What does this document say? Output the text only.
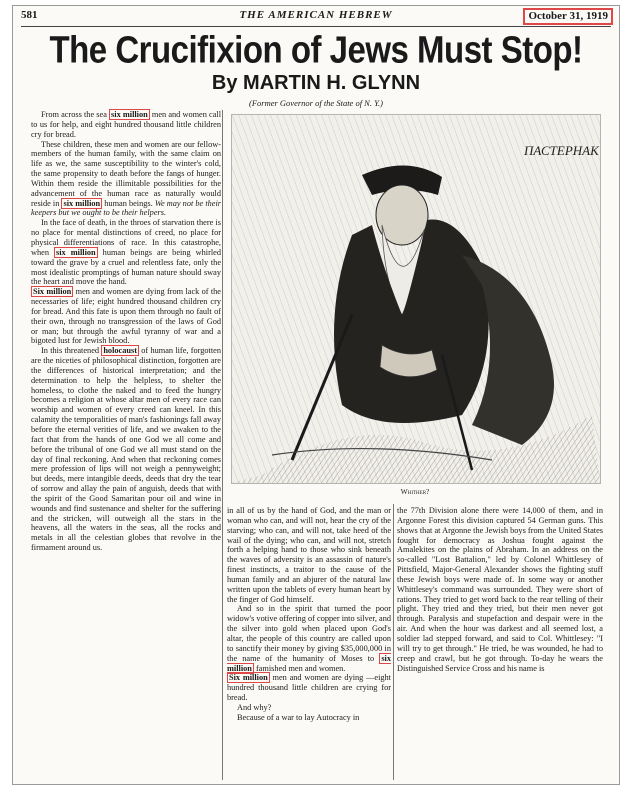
581	THE AMERICAN HEBREW	October 31, 1919
The Crucifixion of Jews Must Stop!
By MARTIN H. GLYNN
(Former Governor of the State of N. Y.)

From across the sea six million men and women call to us for help, and eight hundred thousand little children cry for bread.

These children, these men and women are our fellow-members of the human family, with the same claim on life as we, the same susceptibility to the winter's cold, the same propensity to death before the fangs of hunger. Within them reside the illimitable possibilities for the advancement of the human race as naturally would reside in six million human beings. We may not be their keepers but we ought to be their helpers.

In the face of death, in the throes of starvation there is no place for mental distinctions of creed, no place for physical differentiations of race. In this catastrophe, when six million human beings are being whirled toward the grave by a cruel and relentless fate, only the most idealistic promptings of human nature should sway the heart and move the hand.

Six million men and women are dying from lack of the necessaries of life; eight hundred thousand children cry for bread. And this fate is upon them through no fault of their own, through no transgression of the laws of God or man; but through the awful tyranny of war and a bigoted lust for Jewish blood.

In this threatened holocaust of human life, forgotten are the niceties of philosophical distinction, forgotten are the differences of historical interpretation; and the determination to help the helpless, to shelter the homeless, to clothe the naked and to feed the hungry becomes a religion at whose altar men of every race can worship and women of every creed can kneel. In this calamity the temporalities of man's fashionings fall away before the eternal verities of life, and we awaken to the fact that from the hands of one God we all come and before the tribunal of one God we all must stand on the day of final reckoning. And when that reckoning comes mere profession of lips will not weigh a pennyweight; but deeds, mere intangible deeds, deeds that dry the tear of sorrow and allay the pain of anguish, deeds that with the spirit of the Good Samaritan pour oil and wine in wounds and find sustenance and shelter for the suffering and the stricken, will outweigh all the stars in the heavens, all the waters in the seas, all the rocks and metals in all the celestian globes that revolve in the firmament around us.

ПАСТЕРНАК
Whither?

in all of us by the hand of God, and the man or woman who can, and will not, hear the cry of the starving; who can, and will not, take heed of the wail of the dying; who can, and will not, stretch forth a helping hand to those who sink beneath the waves of adversity is an assassin of nature's finest instincts, a traitor to the cause of the human family and an abjurer of the natural law written upon the tablets of every human heart by the finger of God himself.

And so in the spirit that turned the poor widow's votive offering of copper into silver, and the silver into gold when placed upon God's altar, the people of this country are called upon to sanctify their money by giving $35,000,000 in the name of the humanity of Moses to six million famished men and women.

Six million men and women are dying —eight hundred thousand little children are crying for bread.

And why?

Because of a war to lay Autocracy in

the 77th Division alone there were 14,000 of them, and in Argonne Forest this division captured 54 German guns. This shows that at Argonne the Jewish boys from the United States fought for democracy as Joshua fought against the Amalekites on the plains of Abraham. In an address on the so-called "Lost Battalion," led by Colonel Whittlesey of Pittsfield, Major-General Alexander shows the fighting stuff these Jewish boys were made of. In some way or another Whittlesey's command was surrounded. They were short of rations. They tried to get word back to the rear telling of their plight. They tried and they tried, but their men never got through. Paralysis and stupefaction and despair were in the air. And when the hour was darkest and all seemed lost, a soldier lad stepped forward, and said to Col. Whittlesey: "I will try to get through." He tried, he was wounded, he had to creep and crawl, but he got through. To-day he wears the Distinguished Service Cross and his name is
